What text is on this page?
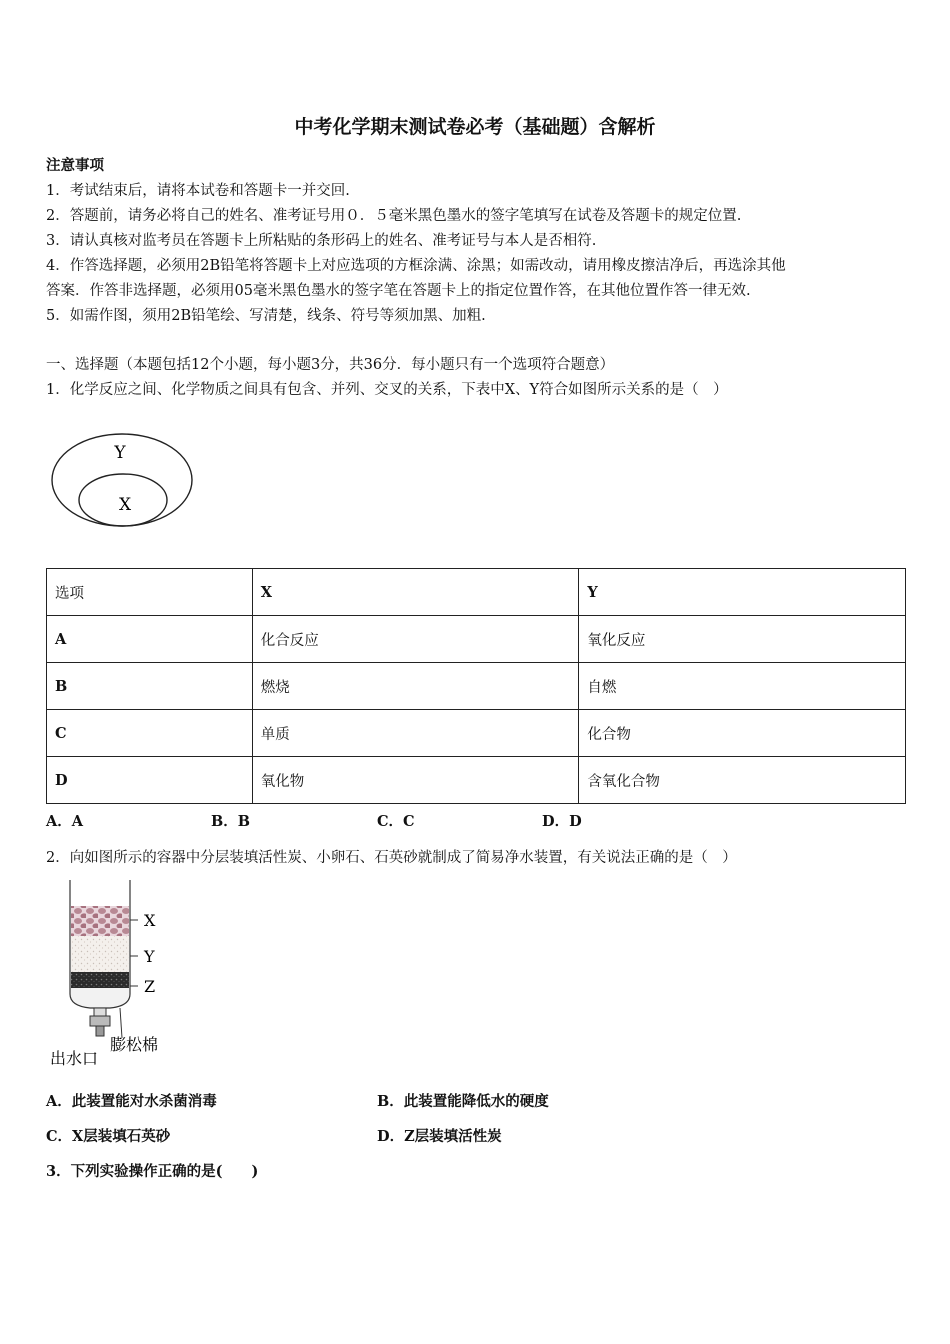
中考化学期末测试卷必考（基础题）含解析
注意事项
1．考试结束后，请将本试卷和答题卡一并交回.
2．答题前，请务必将自己的姓名、准考证号用０．５毫米黑色墨水的签字笔填写在试卷及答题卡的规定位置.
3．请认真核对监考员在答题卡上所粘贴的条形码上的姓名、准考证号与本人是否相符.
4．作答选择题，必须用2B铅笔将答题卡上对应选项的方框涂满、涂黑；如需改动，请用橡皮擦洁净后，再选涂其他
答案．作答非选择题，必须用05毫米黑色墨水的签字笔在答题卡上的指定位置作答，在其他位置作答一律无效.
5．如需作图，须用2B铅笔绘、写清楚，线条、符号等须加黑、加粗.
一、选择题（本题包括12个小题，每小题3分，共36分．每小题只有一个选项符合题意）
1．化学反应之间、化学物质之间具有包含、并列、交叉的关系，下表中X、Y符合如图所示关系的是（　）
Y
X
选项	X	Y
A	化合反应	氧化反应
B	燃烧	自燃
C	单质	化合物
D	氧化物	含氧化合物
A．A	B．B	C．C	D．D
2．向如图所示的容器中分层装填活性炭、小卵石、石英砂就制成了简易净水装置，有关说法正确的是（　）
X
Y
Z
膨松棉
出水口
A．此装置能对水杀菌消毒	B．此装置能降低水的硬度
C．X层装填石英砂	D．Z层装填活性炭
3．下列实验操作正确的是(　　)
